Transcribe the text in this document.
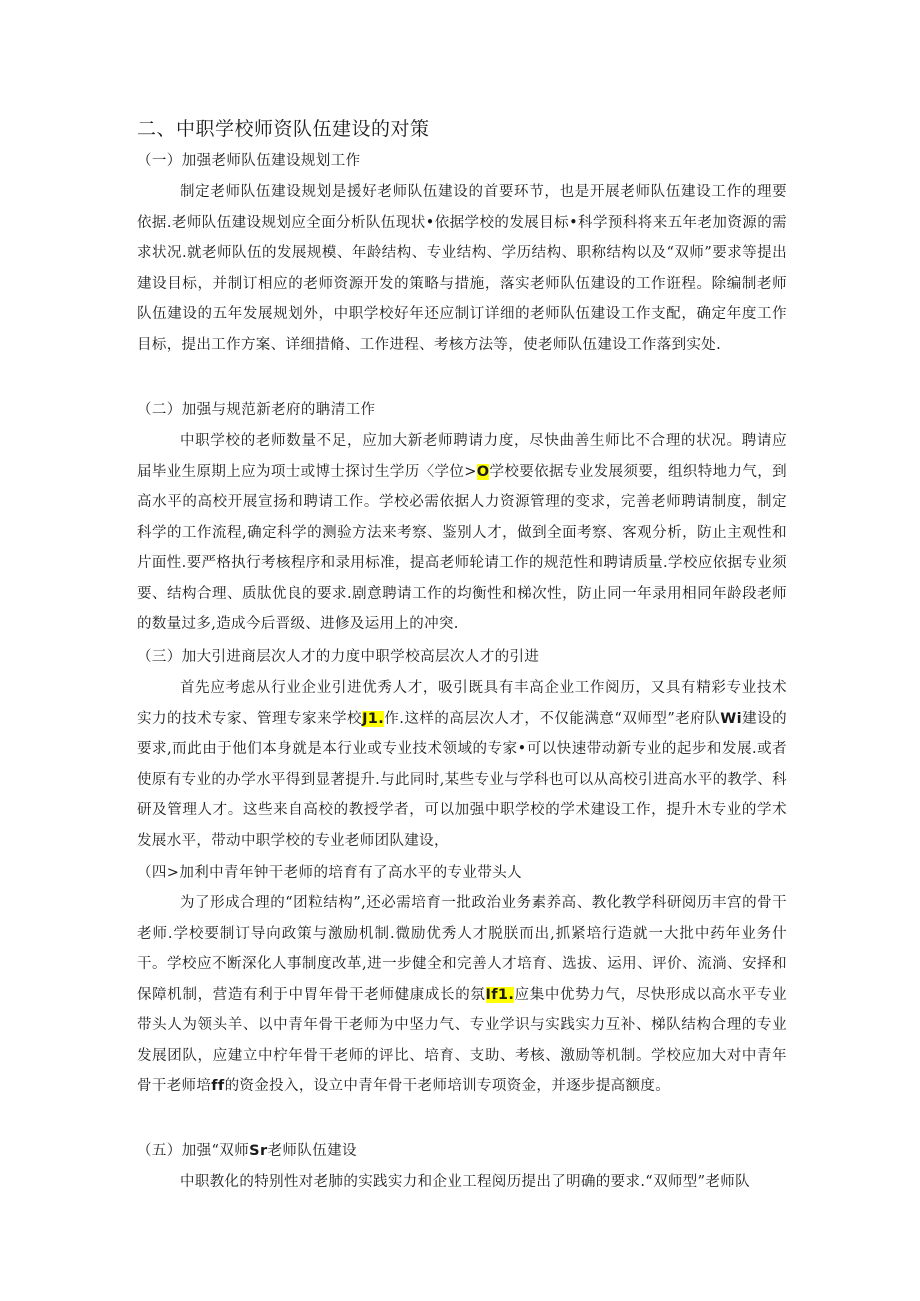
二、中职学校师资队伍建设的对策
（一）加强老师队伍建设规划工作

制定老师队伍建设规划是援好老师队伍建设的首要环节，也是开展老师队伍建设工作的理要依据.老师队伍建设规划应全面分析队伍现状•依据学校的发展目标•科学预科将来五年老加资源的需求状况.就老师队伍的发展规模、年龄结构、专业结构、学历结构、职称结构以及“双师”要求等提出建设目标，并制订相应的老师资源开发的策略与措施，落实老师队伍建设的工作诳程。除编制老师队伍建设的五年发展规划外，中职学校好年还应制订详细的老师队伍建设工作支配，确定年度工作目标，提出工作方案、详细措脩、工作进程、考核方法等，使老师队伍建设工作落到实处.

（二）加强与规范新老府的聃清工作

中职学校的老师数量不足，应加大新老师聘请力度，尽快曲善生师比不合理的状况。聘请应届毕业生原期上应为项士或博士探讨生学历〈学位>O学校要依据专业发展须要，组织特地力气，到高水平的高校开展宣扬和聘请工作。学校必需依据人力资源管理的变求，完善老师聘请制度，制定科学的工作流程,确定科学的测验方法来考察、鉴别人才，做到全面考察、客观分析，防止主观性和片面性.要严格执行考核程序和录用标准，提高老师轮请工作的规范性和聘请质量.学校应依据专业须要、结构合理、质肽优良的要求.剧意聘请工作的均衡性和梯次性，防止同一年录用相同年龄段老师的数量过多,造成今后晋级、进修及运用上的冲突.

（三）加大引进商层次人才的力度中职学校高层次人才的引进

首先应考虑从行业企业引进优秀人才，吸引既具有丰高企业工作阅历，又具有精彩专业技术实力的技术专家、管理专家来学校J1.作.这样的高层次人才，不仅能满意“双师型”老府队Wi建设的要求,而此由于他们本身就是本行业或专业技术领域的专家•可以快速带动新专业的起步和发展.或者使原有专业的办学水平得到显著提升.与此同时,某些专业与学科也可以从高校引进高水平的教学、科研及管理人才。这些来自高校的教授学者，可以加强中职学校的学术建设工作，提升木专业的学术发展水平，带动中职学校的专业老师团队建设，

（四>加利中青年钟干老师的培育有了高水平的专业带头人

为了形成合理的“团粒结构”,还必需培育一批政治业务素养高、教化教学科研阅历丰宫的骨干老师.学校要制订导向政策与激励机制.微励优秀人才脱朕而出,抓紧培行造就一大批中药年业务什干。学校应不断深化人事制度改革,进一步健全和完善人才培育、选拔、运用、评价、流淌、安择和保障机制，营造有利于中胃年骨干老师健康成长的氛If1.应集中优势力气，尽快形成以高水平专业带头人为领头羊、以中青年骨干老师为中坚力气、专业学识与实践实力互补、梯队结构合理的专业发展团队，应建立中柠年骨干老师的评比、培育、支助、考核、激励等机制。学校应加大对中青年骨干老师培ff的资金投入，设立中青年骨干老师培训专项资金，并逐步提高额度。

（五）加强“双师Sr老师队伍建设

中职教化的特别性对老肺的实践实力和企业工程阅历提出了明确的要求.“双师型”老师队
